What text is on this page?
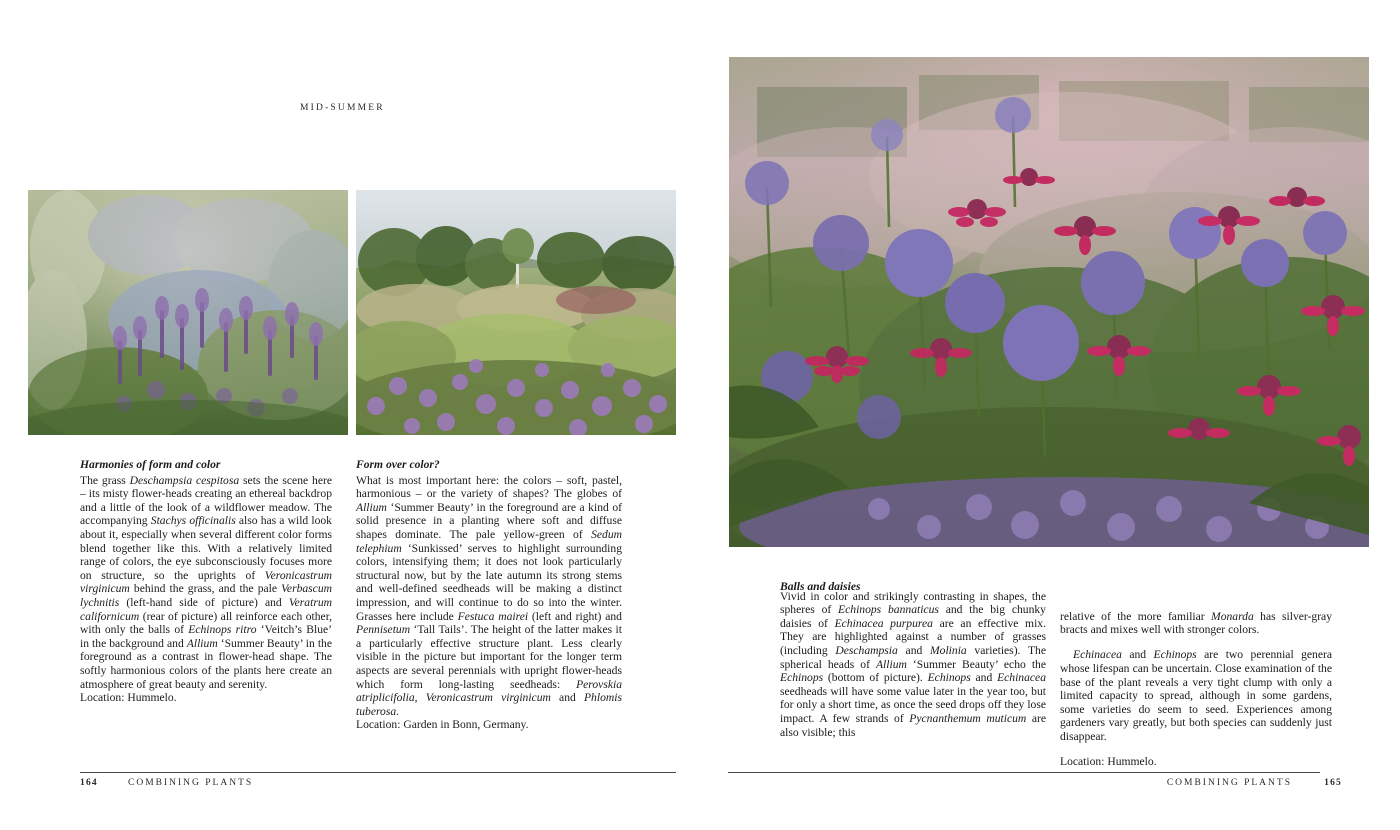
MID-SUMMER
Harmonies of form and color

The grass Deschampsia cespitosa sets the scene here – its misty flower-heads creating an ethereal backdrop and a little of the look of a wildflower meadow. The accompanying Stachys officinalis also has a wild look about it, especially when several different color forms blend together like this. With a relatively limited range of colors, the eye subconsciously focuses more on structure, so the uprights of Veronicastrum virginicum behind the grass, and the pale Verbascum lychnitis (left-hand side of picture) and Veratrum californicum (rear of picture) all reinforce each other, with only the balls of Echinops ritro ‘Veitch’s Blue’ in the background and Allium ‘Summer Beauty’ in the foreground as a contrast in flower-head shape. The softly harmonious colors of the plants here create an atmosphere of great beauty and serenity.

Location: Hummelo.

Form over color?

What is most important here: the colors – soft, pastel, harmonious – or the variety of shapes? The globes of Allium ‘Summer Beauty’ in the foreground are a kind of solid presence in a planting where soft and diffuse shapes dominate. The pale yellow-green of Sedum telephium ‘Sunkissed’ serves to highlight surrounding colors, intensifying them; it does not look particularly structural now, but by the late autumn its strong stems and well-defined seedheads will be making a distinct impression, and will continue to do so into the winter. Grasses here include Festuca mairei (left and right) and Pennisetum ‘Tall Tails’. The height of the latter makes it a particularly effective structure plant. Less clearly visible in the picture but important for the longer term aspects are several perennials with upright flower-heads which form long-lasting seedheads: Perovskia atriplicifolia, Veronicastrum virginicum and Phlomis tuberosa.

Location: Garden in Bonn, Germany.

164	COMBINING PLANTS
Balls and daisies

Vivid in color and strikingly contrasting in shapes, the spheres of Echinops bannaticus and the big chunky daisies of Echinacea purpurea are an effective mix. They are highlighted against a number of grasses (including Deschampsia and Molinia varieties). The spherical heads of Allium ‘Summer Beauty’ echo the Echinops (bottom of picture). Echinops and Echinacea seedheads will have some value later in the year too, but for only a short time, as once the seed drops off they lose impact. A few strands of Pycnanthemum muticum are also visible; this

relative of the more familiar Monarda has silver-gray bracts and mixes well with stronger colors.

Echinacea and Echinops are two perennial genera whose lifespan can be uncertain. Close examination of the base of the plant reveals a very tight clump with only a limited capacity to spread, although in some gardens, some varieties do seem to seed. Experiences among gardeners vary greatly, but both species can suddenly just disappear.

Location: Hummelo.

COMBINING PLANTS	165
